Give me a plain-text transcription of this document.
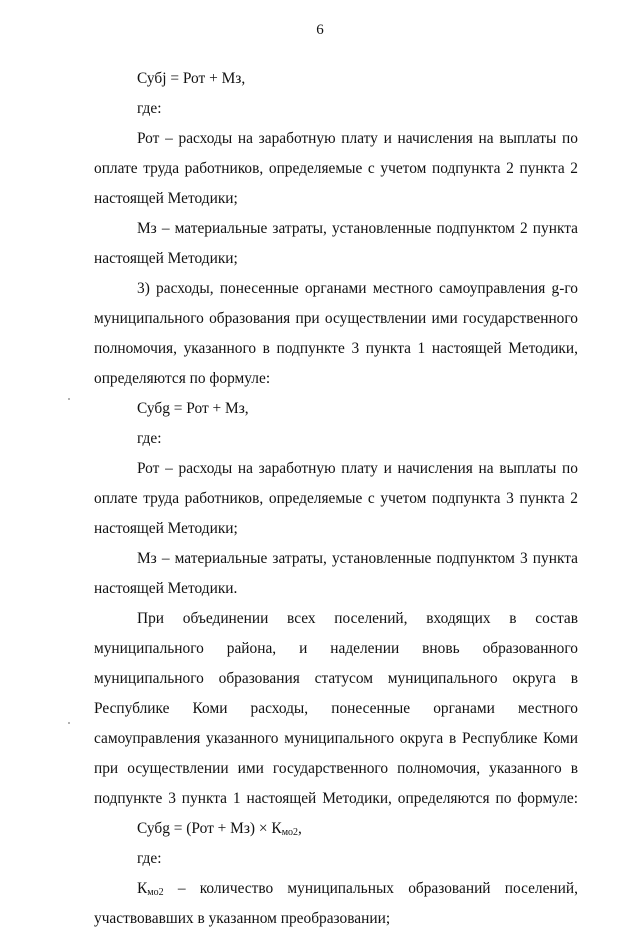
6
Субj = Рот + Мз,
где:
Рот – расходы на заработную плату и начисления на выплаты по
оплате труда работников, определяемые с учетом подпункта 2 пункта 2
настоящей Методики;
Мз – материальные затраты, установленные подпунктом 2 пункта
настоящей Методики;
3) расходы, понесенные органами местного самоуправления g-го
муниципального образования при осуществлении ими государственного
полномочия, указанного в подпункте 3 пункта 1 настоящей Методики,
определяются по формуле:
Субg = Рот + Мз,
где:
Рот – расходы на заработную плату и начисления на выплаты по
оплате труда работников, определяемые с учетом подпункта 3 пункта 2
настоящей Методики;
Мз – материальные затраты, установленные подпунктом 3 пункта
настоящей Методики.
При объединении всех поселений, входящих в состав
муниципального района, и наделении вновь образованного
муниципального образования статусом муниципального округа в
Республике Коми расходы, понесенные органами местного
самоуправления указанного муниципального округа в Республике Коми
при осуществлении ими государственного полномочия, указанного в
подпункте 3 пункта 1 настоящей Методики, определяются по формуле:
Субg = $(Рот + Мз) \times К_{мо2}$,
где:
$К_{мо2}$ – количество муниципальных образований поселений,
участвовавших в указанном преобразовании;
